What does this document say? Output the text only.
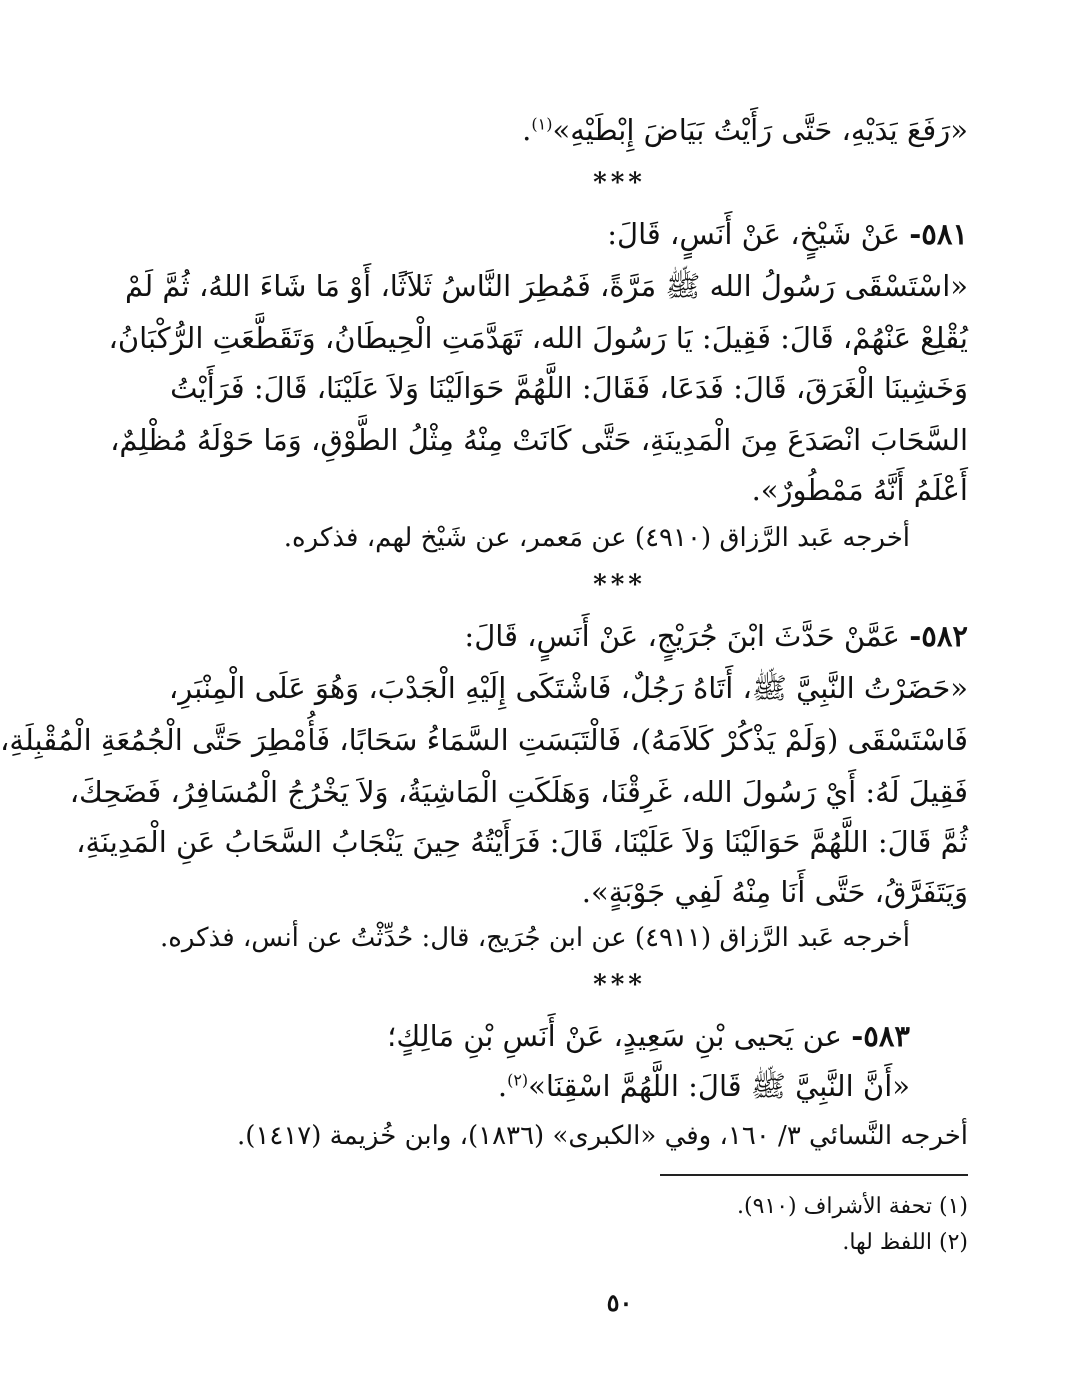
«رَفَعَ يَدَيْهِ، حَتَّى رَأَيْتُ بَيَاضَ إِبْطَيْهِ»$^{(١)}$.
***
٥٨١- عَنْ شَيْخٍ، عَنْ أَنَسٍ، قَالَ:
«اسْتَسْقَى رَسُولُ الله ﷺ مَرَّةً، فَمُطِرَ النَّاسُ ثَلاَثًا، أَوْ مَا شَاءَ اللهُ، ثُمَّ لَمْ
يُقْلِعْ عَنْهُمْ، قَالَ: فَقِيلَ: يَا رَسُولَ الله، تَهَدَّمَتِ الْحِيطَانُ، وَتَقَطَّعَتِ الرُّكْبَانُ،
وَخَشِينَا الْغَرَقَ، قَالَ: فَدَعَا، فَقَالَ: اللَّهُمَّ حَوَالَيْنَا وَلاَ عَلَيْنَا، قَالَ: فَرَأَيْتُ
السَّحَابَ انْصَدَعَ مِنَ الْمَدِينَةِ، حَتَّى كَانَتْ مِنْهُ مِثْلُ الطَّوْقِ، وَمَا حَوْلَهُ مُظْلِمٌ،
أَعْلَمُ أَنَّهُ مَمْطُورٌ».
أخرجه عَبد الرَّزاق (٤٩١٠) عن مَعمر، عن شَيْخ لهم، فذكره.
***
٥٨٢- عَمَّنْ حَدَّثَ ابْنَ جُرَيْجٍ، عَنْ أَنَسٍ، قَالَ:
«حَضَرْتُ النَّبِيَّ ﷺ، أَتَاهُ رَجُلٌ، فَاشْتَكَى إِلَيْهِ الْجَدْبَ، وَهُوَ عَلَى الْمِنْبَرِ،
فَاسْتَسْقَى (وَلَمْ يَذْكُرْ كَلاَمَهُ)، فَالْتَبَسَتِ السَّمَاءُ سَحَابًا، فَأُمْطِرَ حَتَّى الْجُمُعَةِ الْمُقْبِلَةِ،
فَقِيلَ لَهُ: أَيْ رَسُولَ الله، غَرِقْنَا، وَهَلَكَتِ الْمَاشِيَةُ، وَلاَ يَخْرُجُ الْمُسَافِرُ، فَضَحِكَ،
ثُمَّ قَالَ: اللَّهُمَّ حَوَالَيْنَا وَلاَ عَلَيْنَا، قَالَ: فَرَأَيْتُهُ حِينَ يَنْجَابُ السَّحَابُ عَنِ الْمَدِينَةِ،
وَيَتَفَرَّقُ، حَتَّى أَنَا مِنْهُ لَفِي جَوْبَةٍ».
أخرجه عَبد الرَّزاق (٤٩١١) عن ابن جُرَيج، قال: حُدِّثْتُ عن أنس، فذكره.
***
٥٨٣- عن يَحيى بْنِ سَعِيدٍ، عَنْ أَنَسِ بْنِ مَالِكٍ؛
«أَنَّ النَّبِيَّ ﷺ قَالَ: اللَّهُمَّ اسْقِنَا»$^{(٢)}$.
أخرجه النَّسائي ٣/ ١٦٠، وفي «الكبرى» (١٨٣٦)، وابن خُزيمة (١٤١٧).
(١) تحفة الأشراف (٩١٠).
(٢) اللفظ لها.
٥٠
